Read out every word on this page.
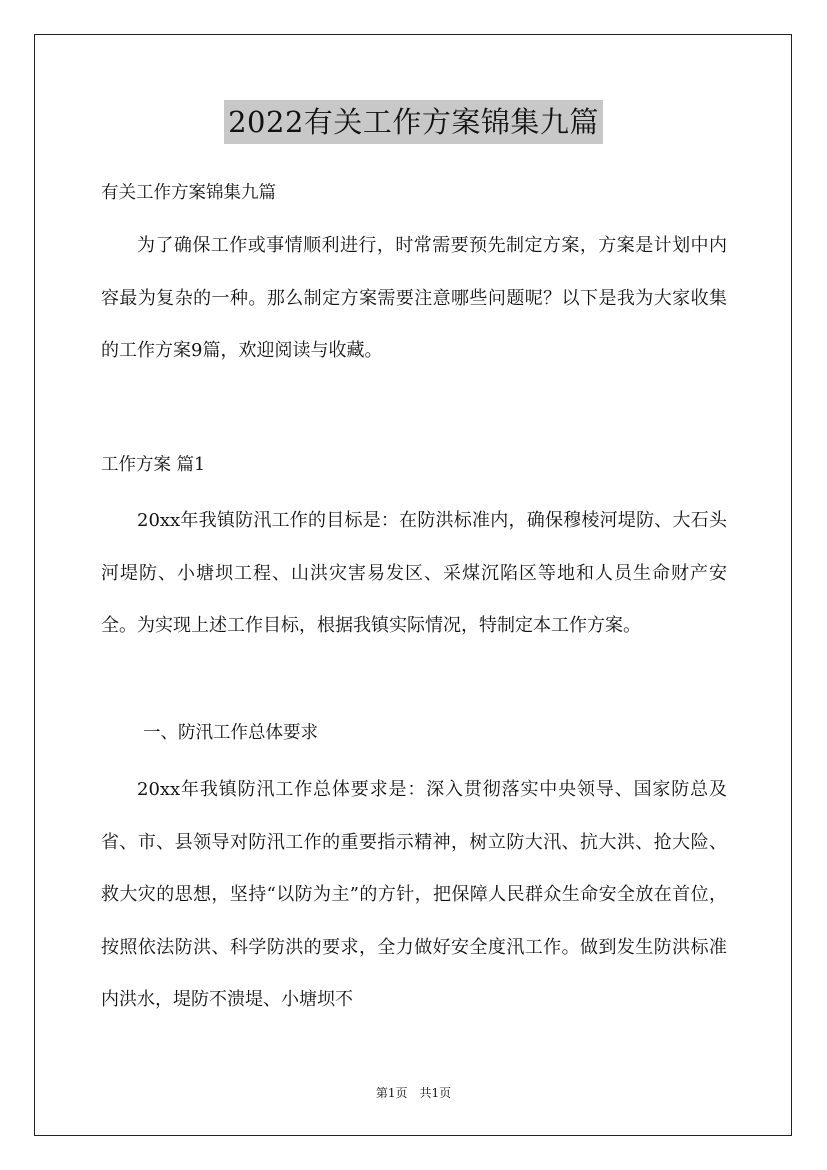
2022有关工作方案锦集九篇
有关工作方案锦集九篇

为了确保工作或事情顺利进行，时常需要预先制定方案，方案是计划中内容最为复杂的一种。那么制定方案需要注意哪些问题呢？以下是我为大家收集的工作方案9篇，欢迎阅读与收藏。

工作方案 篇1

20xx年我镇防汛工作的目标是：在防洪标准内，确保穆棱河堤防、大石头河堤防、小塘坝工程、山洪灾害易发区、采煤沉陷区等地和人员生命财产安全。为实现上述工作目标，根据我镇实际情况，特制定本工作方案。

一、防汛工作总体要求

20xx年我镇防汛工作总体要求是：深入贯彻落实中央领导、国家防总及省、市、县领导对防汛工作的重要指示精神，树立防大汛、抗大洪、抢大险、救大灾的思想，坚持“以防为主”的方针，把保障人民群众生命安全放在首位，按照依法防洪、科学防洪的要求，全力做好安全度汛工作。做到发生防洪标准内洪水，堤防不溃堤、小塘坝不

第1页　共1页
